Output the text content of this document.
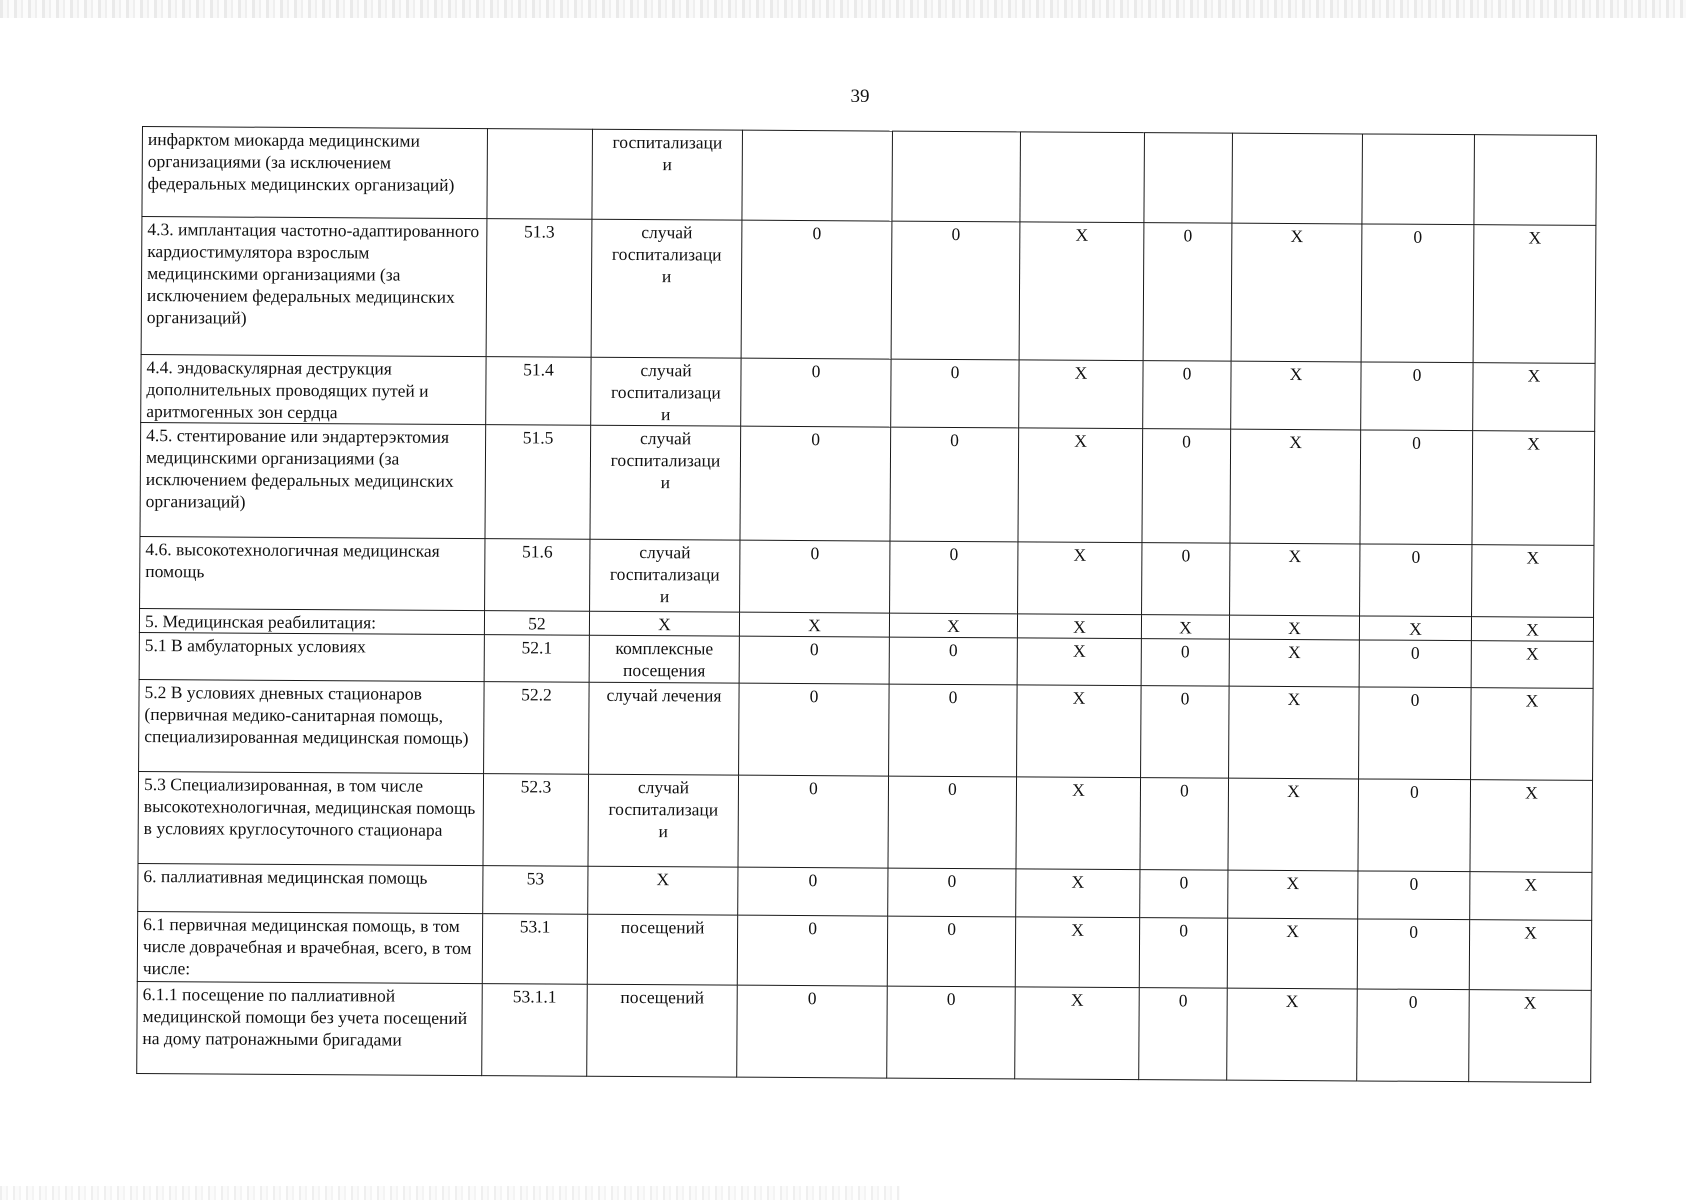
39
инфарктом миокарда медицинскими организациями (за исключением федеральных медицинских организаций)		госпитализаци
и							
4.3. имплантация частотно-адаптированного кардиостимулятора взрослым медицинскими организациями (за исключением федеральных медицинских организаций)	51.3	случай госпитализаци
и	0	0	X	0	X	0	X
4.4. эндоваскулярная деструкция дополнительных проводящих путей и аритмогенных зон сердца	51.4	случай госпитализаци
и	0	0	X	0	X	0	X
4.5. стентирование или эндартерэктомия медицинскими организациями (за исключением федеральных медицинских организаций)	51.5	случай госпитализаци
и	0	0	X	0	X	0	X
4.6. высокотехнологичная медицинская помощь	51.6	случай госпитализаци
и	0	0	X	0	X	0	X
5. Медицинская реабилитация:	52	X	X	X	X	X	X	X	X
5.1 В амбулаторных условиях	52.1	комплексные посещения	0	0	X	0	X	0	X
5.2 В условиях дневных стационаров (первичная медико-санитарная помощь, специализированная медицинская помощь)	52.2	случай лечения	0	0	X	0	X	0	X
5.3 Специализированная, в том числе высокотехнологичная, медицинская помощь в условиях круглосуточного стационара	52.3	случай госпитализаци
и	0	0	X	0	X	0	X
6. паллиативная медицинская помощь	53	X	0	0	X	0	X	0	X
6.1 первичная медицинская помощь, в том числе доврачебная и врачебная, всего, в том числе:	53.1	посещений	0	0	X	0	X	0	X
6.1.1 посещение по паллиативной медицинской помощи без учета посещений на дому патронажными бригадами	53.1.1	посещений	0	0	X	0	X	0	X
